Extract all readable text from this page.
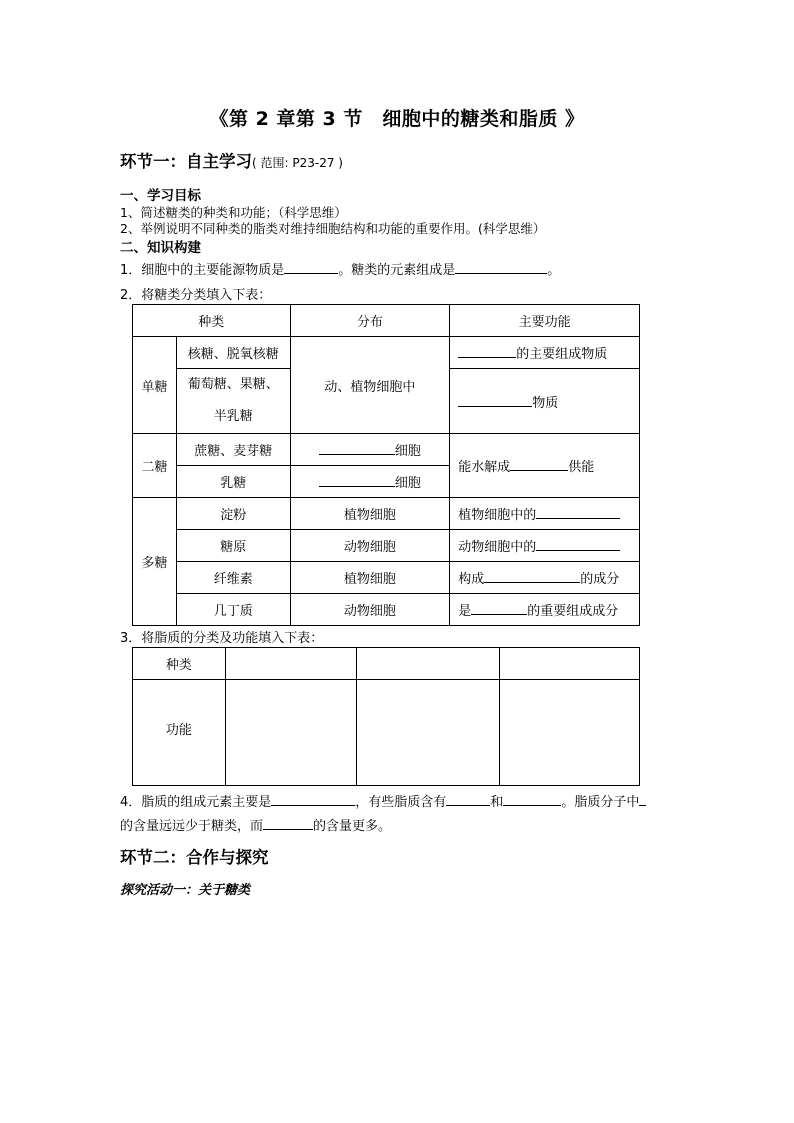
《第 2 章第 3 节　细胞中的糖类和脂质 》
环节一：自主学习( 范围: P23-27 )
一、学习目标
1、简述糖类的种类和功能；（科学思维）
2、举例说明不同种类的脂类对维持细胞结构和功能的重要作用。(科学思维）
二、知识构建
1．细胞中的主要能源物质是	。糖类的元素组成是	。
2．将糖类分类填入下表：
种类		分布	主要功能
单糖	核糖、脱氧核糖	动、植物细胞中	的主要组成物质
	葡萄糖、果糖、
半乳糖		物质
二糖	蔗糖、麦芽糖	细胞	能水解成 供能
	乳糖	细胞	
多糖	淀粉	植物细胞	植物细胞中的
	糖原	动物细胞	动物细胞中的
	纤维素	植物细胞	构成 的成分
	几丁质	动物细胞	是 的重要组成成分
3．将脂质的分类及功能填入下表：
种类			
功能			
4．脂质的组成元素主要是	，有些脂质含有	和	。脂质分子中
的含量远远少于糖类，而	的含量更多。
环节二：合作与探究
探究活动一：关于糖类
